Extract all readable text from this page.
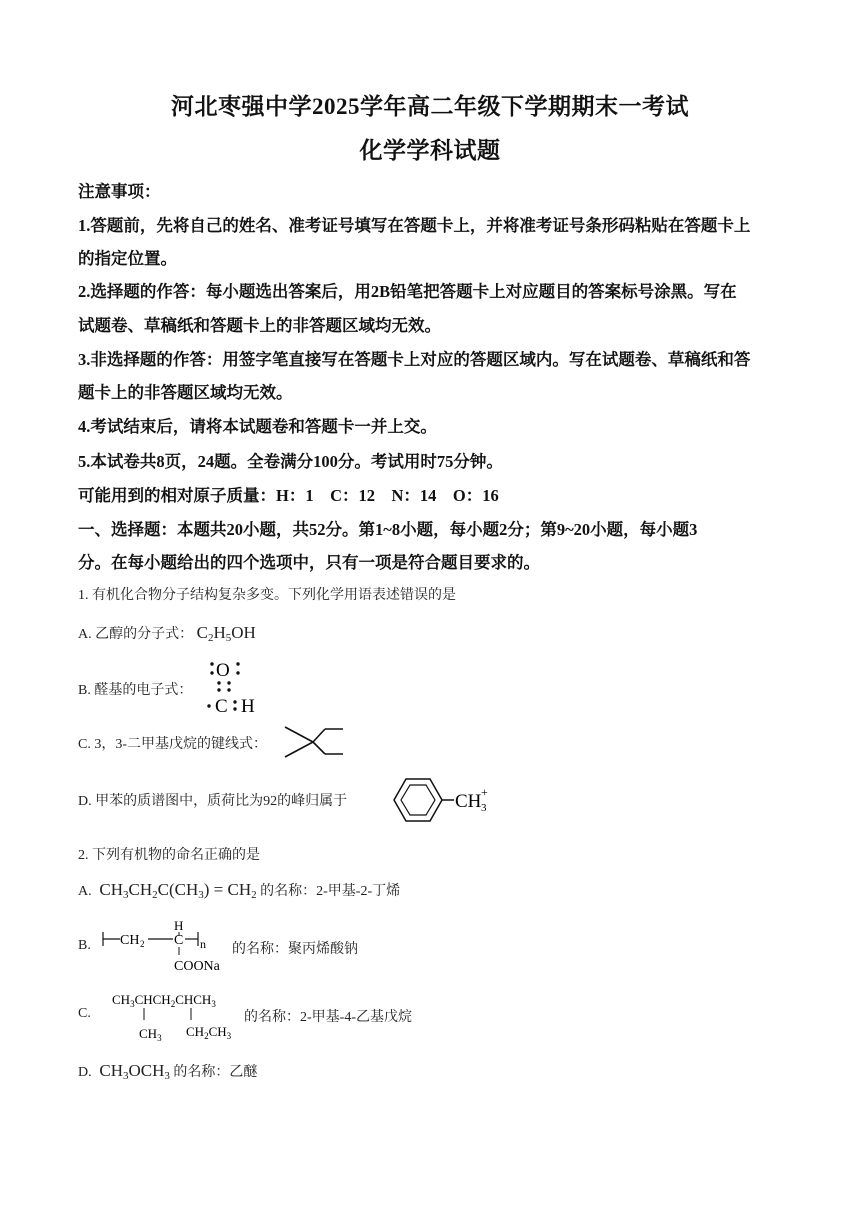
河北枣强中学2025学年高二年级下学期期末一考试
化学学科试题
注意事项：
1.答题前，先将自己的姓名、准考证号填写在答题卡上，并将准考证号条形码粘贴在答题卡上
的指定位置。
2.选择题的作答：每小题选出答案后，用2B铅笔把答题卡上对应题目的答案标号涂黑。写在
试题卷、草稿纸和答题卡上的非答题区域均无效。
3.非选择题的作答：用签字笔直接写在答题卡上对应的答题区域内。写在试题卷、草稿纸和答
题卡上的非答题区域均无效。
4.考试结束后，请将本试题卷和答题卡一并上交。
5.本试卷共8页，24题。全卷满分100分。考试用时75分钟。
可能用到的相对原子质量：H：1　C：12　N：14　O：16
一、选择题：本题共20小题，共52分。第1~8小题，每小题2分；第9~20小题，每小题3
分。在每小题给出的四个选项中，只有一项是符合题目要求的。
1. 有机化合物分子结构复杂多变。下列化学用语表述错误的是
A. 乙醇的分子式： $C_2H_5OH$
B. 醛基的电子式：
O
C H
C. 3，3-二甲基戊烷的键线式：
D. 甲苯的质谱图中，质荷比为92的峰归属于	CH 3
+
2. 下列有机物的命名正确的是
A.  $CH_3CH_2C(CH_3) = CH_2$ 的名称：2-甲基-2-丁烯
B.
H
CH 2 C n
COONa
的名称：聚丙烯酸钠
C.
$CH_3CHCH_2CHCH_3$
$CH_3$ $CH_2CH_3$
的名称：2-甲基-4-乙基戊烷
D.  $CH_3OCH_3$ 的名称：乙醚
